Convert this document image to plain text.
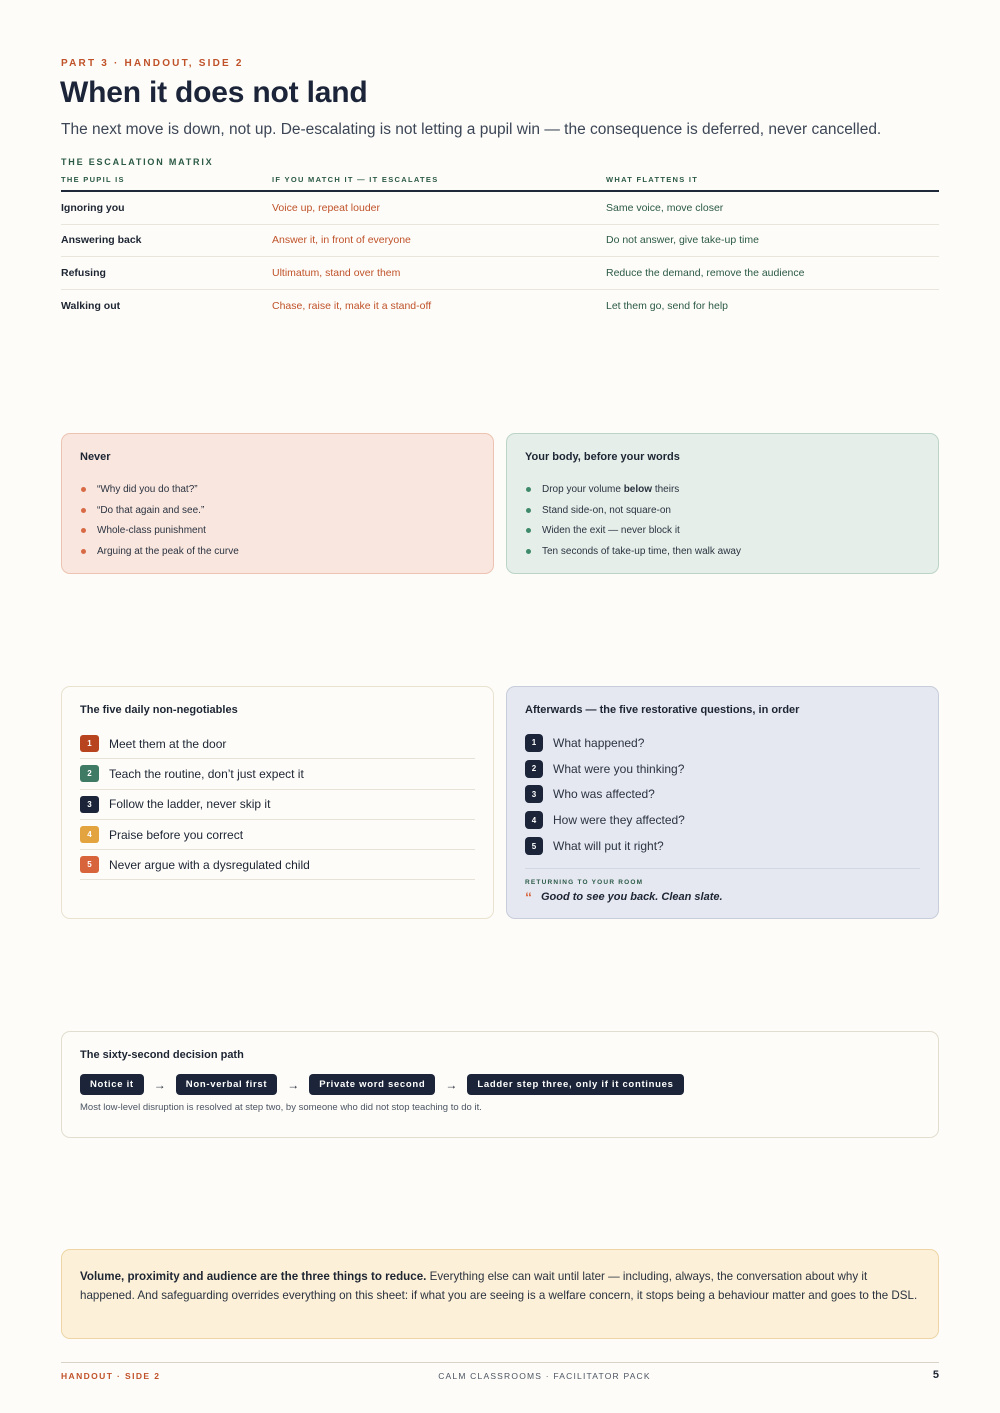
PART 3 · HANDOUT, SIDE 2
When it does not land

The next move is down, not up. De-escalating is not letting a pupil win — the consequence is deferred, never cancelled.

THE ESCALATION MATRIX
THE PUPIL IS	IF YOU MATCH IT — IT ESCALATES	WHAT FLATTENS IT
Ignoring you	Voice up, repeat louder	Same voice, move closer
Answering back	Answer it, in front of everyone	Do not answer, give take-up time
Refusing	Ultimatum, stand over them	Reduce the demand, remove the audience
Walking out	Chase, raise it, make it a stand-off	Let them go, send for help
Never
“Why did you do that?”
“Do that again and see.”
Whole-class punishment
Arguing at the peak of the curve
Your body, before your words
Drop your volume below theirs
Stand side-on, not square-on
Widen the exit — never block it
Ten seconds of take-up time, then walk away
The five daily non-negotiables
1	Meet them at the door
2	Teach the routine, don’t just expect it
3	Follow the ladder, never skip it
4	Praise before you correct
5	Never argue with a dysregulated child
Afterwards — the five restorative questions, in order
1	What happened?
2	What were you thinking?
3	Who was affected?
4	How were they affected?
5	What will put it right?
RETURNING TO YOUR ROOM
“ Good to see you back. Clean slate.
The sixty-second decision path
Notice it	→	Non-verbal first	→	Private word second	→	Ladder step three, only if it continues
Most low-level disruption is resolved at step two, by someone who did not stop teaching to do it.

Volume, proximity and audience are the three things to reduce. Everything else can wait until later — including, always, the conversation about why it happened. And safeguarding overrides everything on this sheet: if what you are seeing is a welfare concern, it stops being a behaviour matter and goes to the DSL.

HANDOUT · SIDE 2	CALM CLASSROOMS · FACILITATOR PACK	5
